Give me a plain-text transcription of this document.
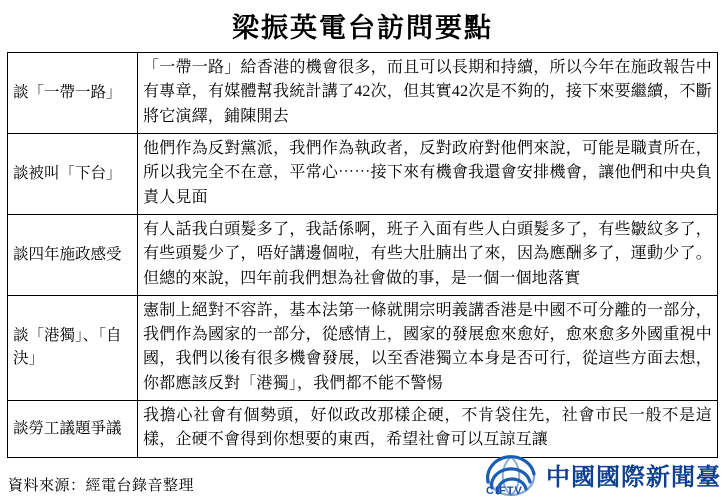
梁振英電台訪問要點
談「一帶一路」	「一帶一路」給香港的機會很多，而且可以長期和持續，所以今年在施政報告中有專章，有媒體幫我統計講了42次，但其實42次是不夠的，接下來要繼續，不斷將它演繹，鋪陳開去
談被叫「下台」	他們作為反對黨派，我們作為執政者，反對政府對他們來說，可能是職責所在，所以我完全不在意，平常心⋯⋯接下來有機會我還會安排機會，讓他們和中央負責人見面
談四年施政感受	有人話我白頭髮多了，我話係啊，班子入面有些人白頭髮多了，有些皺紋多了，有些頭髮少了，唔好講邊個啦，有些大肚腩出了來，因為應酬多了，運動少了。但總的來說，四年前我們想為社會做的事，是一個一個地落實
談「港獨」、「自決」	憲制上絕對不容許，基本法第一條就開宗明義講香港是中國不可分離的一部分，我們作為國家的一部分，從感情上，國家的發展愈來愈好，愈來愈多外國重視中國，我們以後有很多機會發展，以至香港獨立本身是否可行，從這些方面去想，你都應該反對「港獨」，我們都不能不警惕
談勞工議題爭議	我擔心社會有個勢頭，好似政改那樣企硬，不肯袋住先，社會市民一般不是這樣，企硬不會得到你想要的東西，希望社會可以互諒互讓
資料來源：經電台錄音整理	CIFTV
中國國際新聞臺
